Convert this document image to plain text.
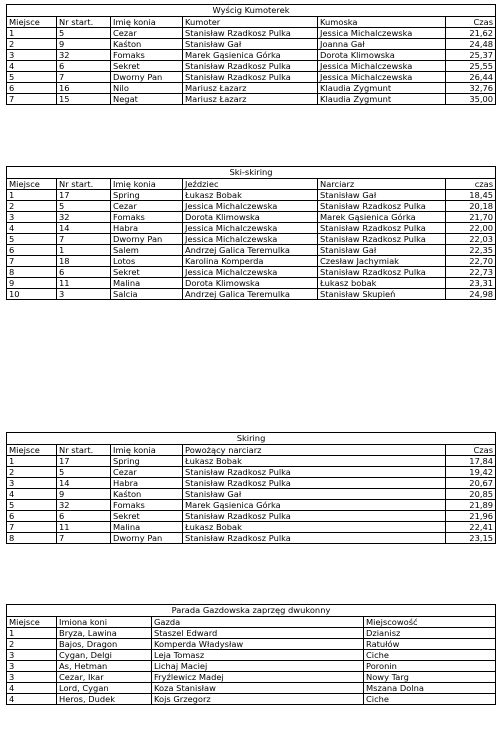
Wyścig Kumoterek					
Miejsce	Nr start.	Imię konia	Kumoter	Kumoska	Czas
1	5	Cezar	Stanisław Rzadkosz Pulka	Jessica Michalczewska	21,62
2	9	Kaśton	Stanisław Gał	Joanna Gał	24,48
3	32	Fomaks	Marek Gąsienica Górka	Dorota Klimowska	25,37
4	6	Sekret	Stanisław Rzadkosz Pulka	Jessica Michalczewska	25,55
5	7	Dworny Pan	Stanisław Rzadkosz Pulka	Jessica Michalczewska	26,44
6	16	Nilo	Mariusz Łazarz	Klaudia Zygmunt	32,76
7	15	Negat	Mariusz Łazarz	Klaudia Zygmunt	35,00
Ski-skiring					
Miejsce	Nr start.	Imię konia	Jeździec	Narciarz	czas
1	17	Spring	Łukasz Bobak	Stanisław Gał	18,45
2	5	Cezar	Jessica Michalczewska	Stanisław Rzadkosz Pulka	20,18
3	32	Fomaks	Dorota Klimowska	Marek Gąsienica Górka	21,70
4	14	Habra	Jessica Michalczewska	Stanisław Rzadkosz Pulka	22,00
5	7	Dworny Pan	Jessica Michalczewska	Stanisław Rzadkosz Pulka	22,03
6	1	Salem	Andrzej Galica Teremulka	Stanisław Gał	22,35
7	18	Lotos	Karolina Komperda	Czesław Jachymiak	22,70
8	6	Sekret	Jessica Michalczewska	Stanisław Rzadkosz Pulka	22,73
9	11	Malina	Dorota Klimowska	Łukasz bobak	23,31
10	3	Salcia	Andrzej Galica Teremulka	Stanisław Skupień	24,98
Skiring				
Miejsce	Nr start.	Imię konia	Powożący narciarz	Czas
1	17	Spring	Łukasz Bobak	17,84
2	5	Cezar	Stanisław Rzadkosz Pulka	19,42
3	14	Habra	Stanisław Rzadkosz Pulka	20,67
4	9	Kaśton	Stanisław Gał	20,85
5	32	Fomaks	Marek Gąsienica Górka	21,89
6	6	Sekret	Stanisław Rzadkosz Pulka	21,96
7	11	Malina	Łukasz Bobak	22,41
8	7	Dworny Pan	Stanisław Rzadkosz Pulka	23,15
Parada Gazdowska zaprzęg dwukonny			
Miejsce	Imiona koni	Gazda	Miejscowość
1	Bryza, Lawina	Staszel Edward	Dzianisz
2	Bajos, Dragon	Komperda Władysław	Ratułów
3	Cygan, Delgi	Leja Tomasz	Ciche
3	As, Hetman	Lichaj Maciej	Poronin
3	Cezar, Ikar	Fryźlewicz Madej	Nowy Targ
4	Lord, Cygan	Koza Stanisław	Mszana Dolna
4	Heros, Dudek	Kojs Grzegorz	Ciche
